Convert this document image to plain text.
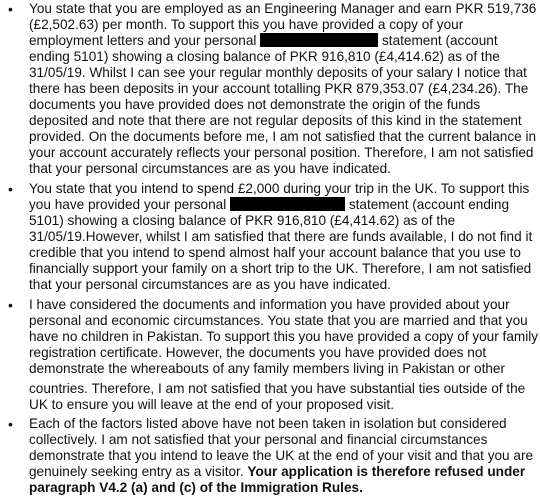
• You state that you are employed as an Engineering Manager and earn PKR 519,736
(£2,502.63) per month. To support this you have provided a copy of your
employment letters and your personal	statement (account
ending 5101) showing a closing balance of PKR 916,810 (£4,414.62) as of the
31/05/19. Whilst I can see your regular monthly deposits of your salary I notice that
there has been deposits in your account totalling PKR 879,353.07 (£4,234.26). The
documents you have provided does not demonstrate the origin of the funds
deposited and note that there are not regular deposits of this kind in the statement
provided. On the documents before me, I am not satisfied that the current balance in
your account accurately reflects your personal position. Therefore, I am not satisfied
that your personal circumstances are as you have indicated.
• You state that you intend to spend £2,000 during your trip in the UK. To support this
you have provided your personal	statement (account ending
5101) showing a closing balance of PKR 916,810 (£4,414.62) as of the
31/05/19.However, whilst I am satisfied that there are funds available, I do not find it
credible that you intend to spend almost half your account balance that you use to
financially support your family on a short trip to the UK. Therefore, I am not satisfied
that your personal circumstances are as you have indicated.
• I have considered the documents and information you have provided about your
personal and economic circumstances. You state that you are married and that you
have no children in Pakistan. To support this you have provided a copy of your family
registration certificate. However, the documents you have provided does not
demonstrate the whereabouts of any family members living in Pakistan or other
countries. Therefore, I am not satisfied that you have substantial ties outside of the
UK to ensure you will leave at the end of your proposed visit.
• Each of the factors listed above have not been taken in isolation but considered
collectively. I am not satisfied that your personal and financial circumstances
demonstrate that you intend to leave the UK at the end of your visit and that you are
genuinely seeking entry as a visitor. Your application is therefore refused under
paragraph V4.2 (a) and (c) of the Immigration Rules.
